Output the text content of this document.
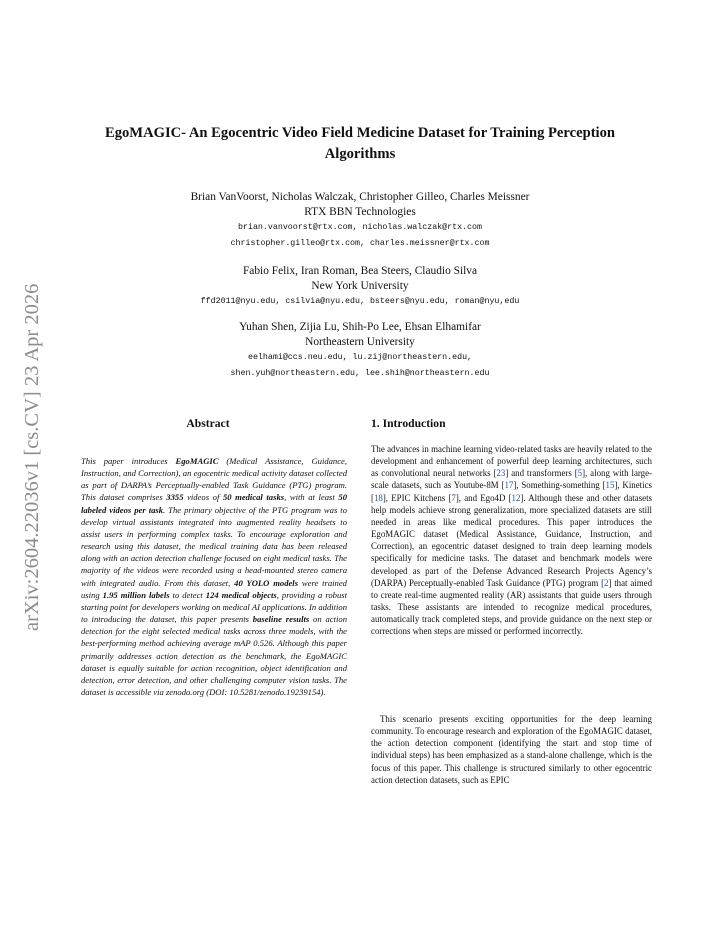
arXiv:2604.22036v1 [cs.CV] 23 Apr 2026
EgoMAGIC- An Egocentric Video Field Medicine Dataset for Training Perception Algorithms
Brian VanVoorst, Nicholas Walczak, Christopher Gilleo, Charles Meissner
RTX BBN Technologies
brian.vanvoorst@rtx.com, nicholas.walczak@rtx.com
christopher.gilleo@rtx.com, charles.meissner@rtx.com
Fabio Felix, Iran Roman, Bea Steers, Claudio Silva
New York University
ffd2011@nyu.edu, csilvia@nyu.edu, bsteers@nyu.edu, roman@nyu,edu
Yuhan Shen, Zijia Lu, Shih-Po Lee, Ehsan Elhamifar
Northeastern University
eelhami@ccs.neu.edu, lu.zij@northeastern.edu,
shen.yuh@northeastern.edu, lee.shih@northeastern.edu
Abstract

This paper introduces EgoMAGIC (Medical Assistance, Guidance, Instruction, and Correction), an egocentric medical activity dataset collected as part of DARPA’s Perceptually-enabled Task Guidance (PTG) program. This dataset comprises 3355 videos of 50 medical tasks, with at least 50 labeled videos per task. The primary objective of the PTG program was to develop virtual assistants integrated into augmented reality headsets to assist users in performing complex tasks. To encourage exploration and research using this dataset, the medical training data has been released along with an action detection challenge focused on eight medical tasks. The majority of the videos were recorded using a head-mounted stereo camera with integrated audio. From this dataset, 40 YOLO models were trained using 1.95 million labels to detect 124 medical objects, providing a robust starting point for developers working on medical AI applications. In addition to introducing the dataset, this paper presents baseline results on action detection for the eight selected medical tasks across three models, with the best-performing method achieving average mAP 0.526. Although this paper primarily addresses action detection as the benchmark, the EgoMAGIC dataset is equally suitable for action recognition, object identification and detection, error detection, and other challenging computer vision tasks. The dataset is accessible via zenodo.org (DOI: 10.5281/zenodo.19239154).

1. Introduction

The advances in machine learning video-related tasks are heavily related to the development and enhancement of powerful deep learning architectures, such as convolutional neural networks [23] and transformers [5], along with large-scale datasets, such as Youtube-8M [17], Something-something [15], Kinetics [18], EPIC Kitchens [7], and Ego4D [12]. Although these and other datasets help models achieve strong generalization, more specialized datasets are still needed in areas like medical procedures. This paper introduces the EgoMAGIC dataset (Medical Assistance, Guidance, Instruction, and Correction), an egocentric dataset designed to train deep learning models specifically for medicine tasks. The dataset and benchmark models were developed as part of the Defense Advanced Research Projects Agency’s (DARPA) Perceptually-enabled Task Guidance (PTG) program [2] that aimed to create real-time augmented reality (AR) assistants that guide users through tasks. These assistants are intended to recognize medical procedures, automatically track completed steps, and provide guidance on the next step or corrections when steps are missed or performed incorrectly.

This scenario presents exciting opportunities for the deep learning community. To encourage research and exploration of the EgoMAGIC dataset, the action detection component (identifying the start and stop time of individual steps) has been emphasized as a stand-alone challenge, which is the focus of this paper. This challenge is structured similarly to other egocentric action detection datasets, such as EPIC
